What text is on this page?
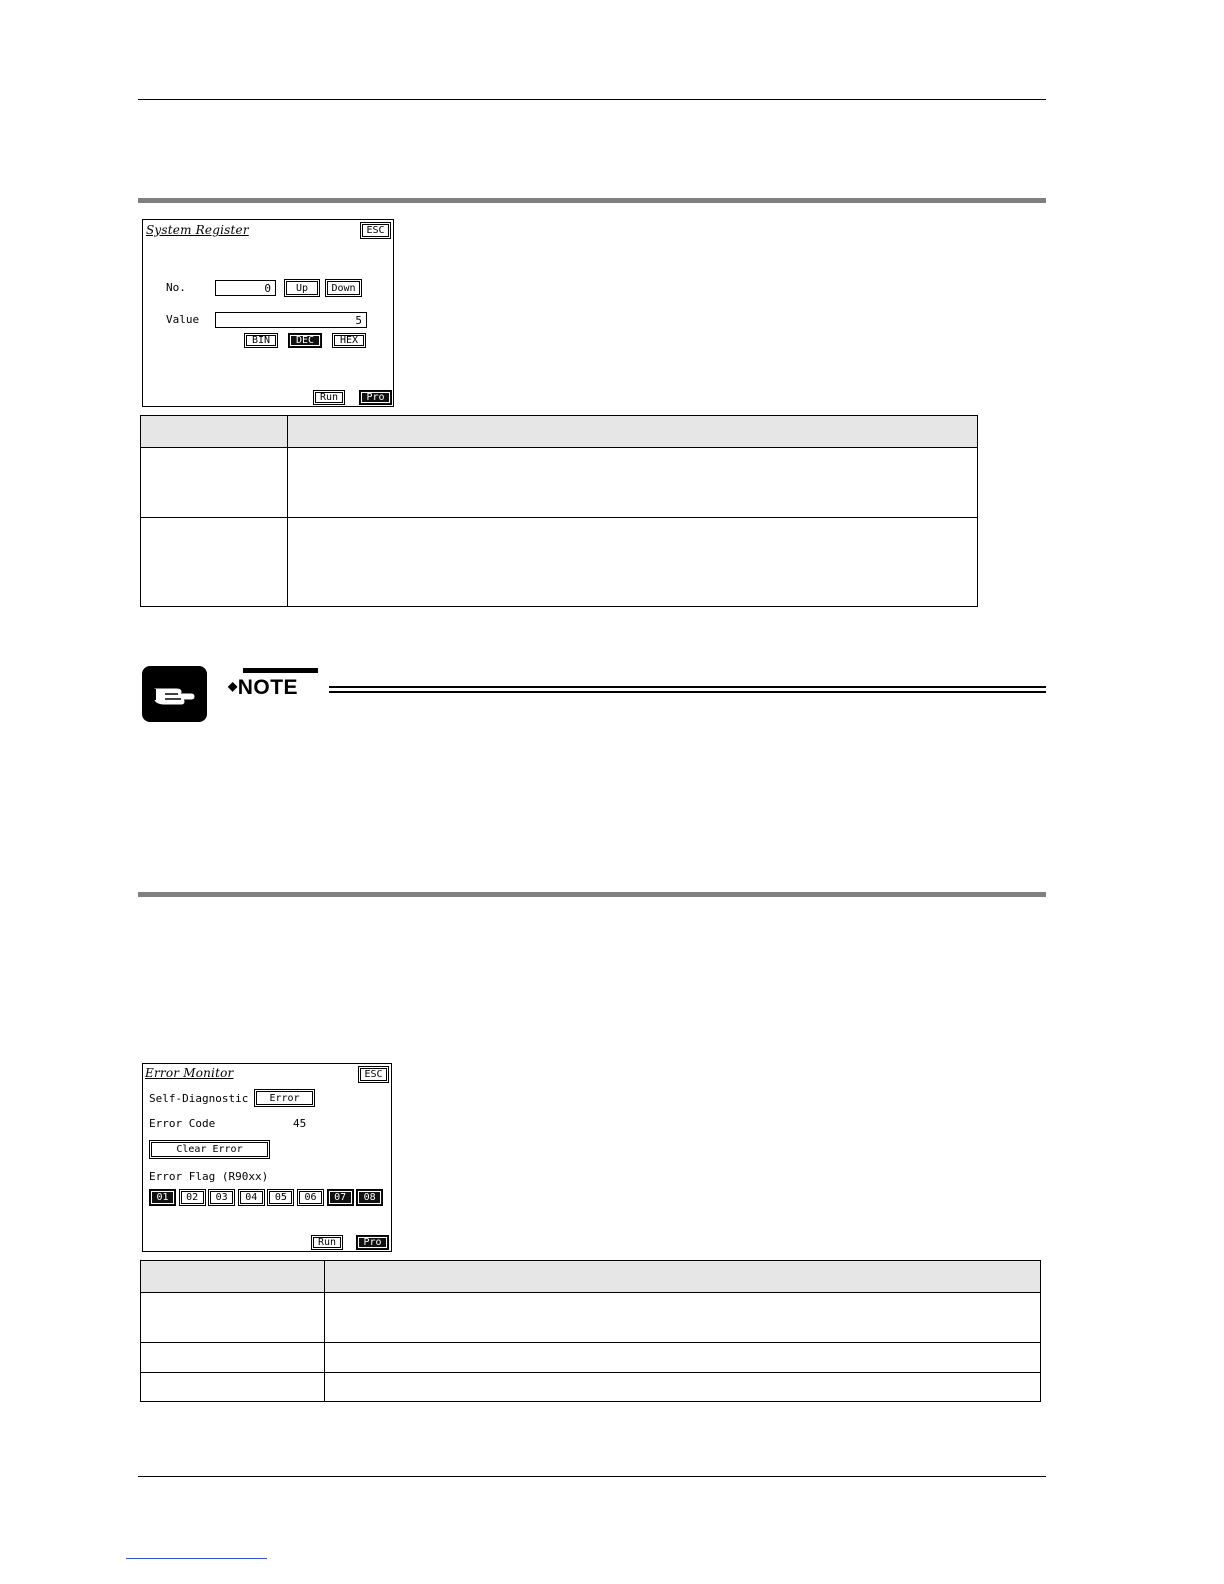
System Register	ESC
No.	0	Up	Down
Value	5
BIN	DEC	HEX
Run	Pro

◆NOTE
Error Monitor	ESC
Self-Diagnostic	Error
Error Code	45
Clear Error
Error Flag (R90xx)
01	02	03	04	05	06	07	08
Run	Pro
